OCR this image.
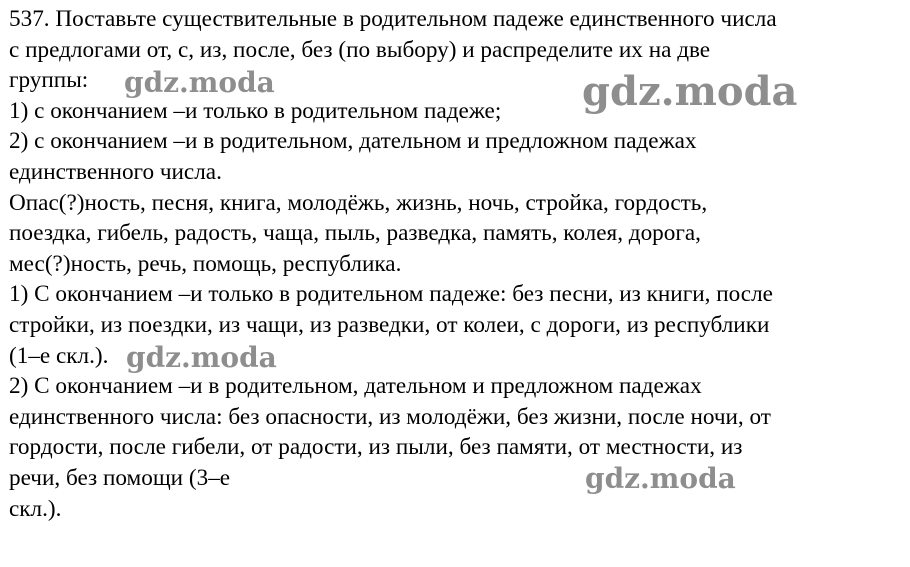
537. Поставьте существительные в родительном падеже единственного числа
с предлогами от, с, из, после, без (по выбору) и распределите их на две
группы:
1) с окончанием –и только в родительном падеже;
2) с окончанием –и в родительном, дательном и предложном падежах
единственного числа.
Опас(?)ность, песня, книга, молодёжь, жизнь, ночь, стройка, гордость,
поездка, гибель, радость, чаща, пыль, разведка, память, колея, дорога,
мес(?)ность, речь, помощь, республика.
1) С окончанием –и только в родительном падеже: без песни, из книги, после
стройки, из поездки, из чащи, из разведки, от колеи, с дороги, из республики
(1–е скл.).
2) С окончанием –и в родительном, дательном и предложном падежах
единственного числа: без опасности, из молодёжи, без жизни, после ночи, от
гордости, после гибели, от радости, из пыли, без памяти, от местности, из
речи, без помощи (3–е
скл.).
gdz.moda	gdz.moda
gdz.moda
gdz.moda
